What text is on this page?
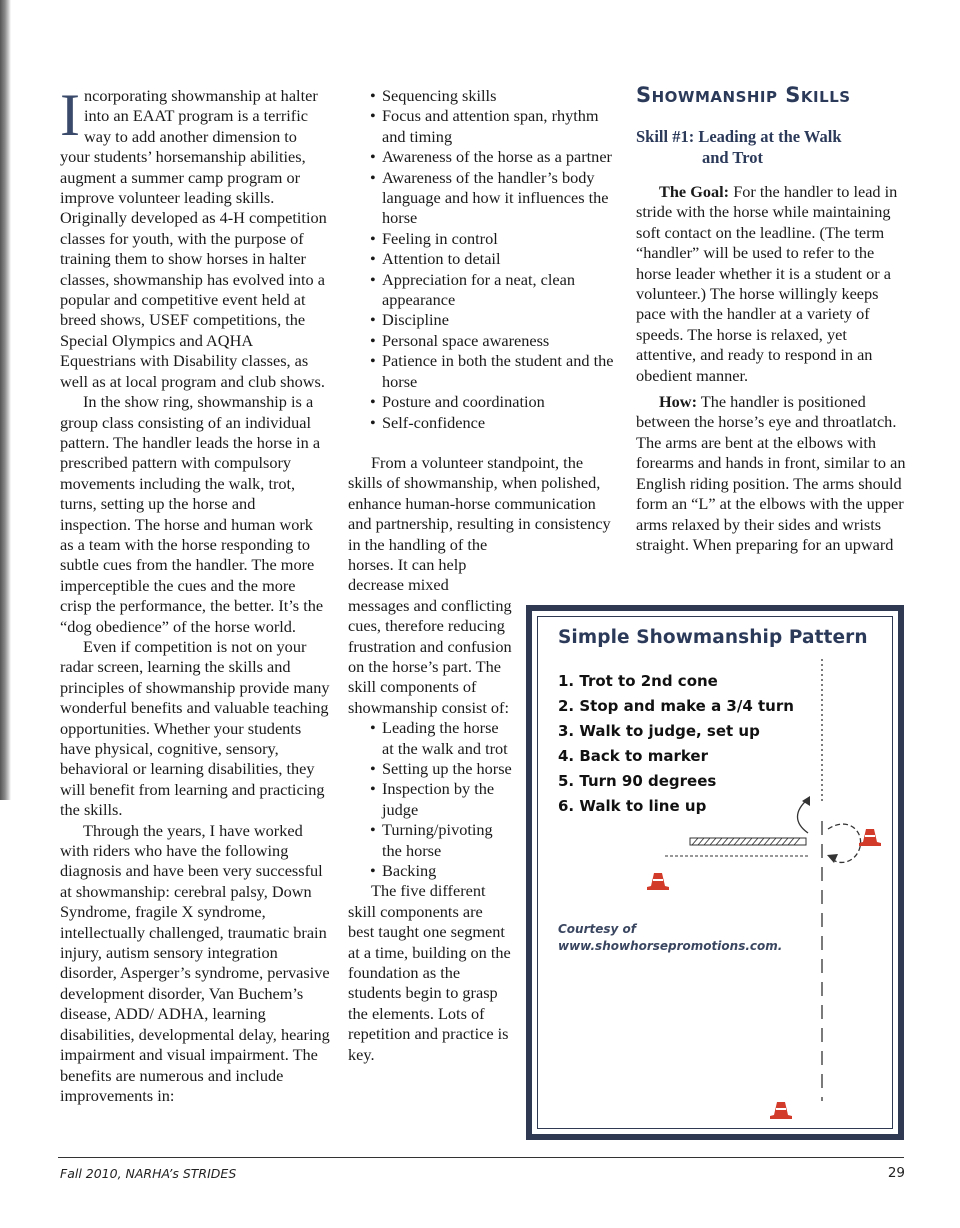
Incorporating showmanship at halter into an EAAT program is a terrific way to add another dimension to your students’ horsemanship abilities, augment a summer camp program or improve volunteer leading skills. Originally developed as 4-H competition classes for youth, with the purpose of training them to show horses in halter classes, showmanship has evolved into a popular and competitive event held at breed shows, USEF competitions, the Special Olympics and AQHA Equestrians with Disability classes, as well as at local program and club shows.

In the show ring, showmanship is a group class consisting of an individual pattern. The handler leads the horse in a prescribed pattern with compulsory movements including the walk, trot, turns, setting up the horse and inspection. The horse and human work as a team with the horse responding to subtle cues from the handler. The more imperceptible the cues and the more crisp the performance, the better. It’s the “dog obedience” of the horse world.

Even if competition is not on your radar screen, learning the skills and principles of showmanship provide many wonderful benefits and valuable teaching opportunities. Whether your students have physical, cognitive, sensory, behavioral or learning disabilities, they will benefit from learning and practicing the skills.

Through the years, I have worked with riders who have the following diagnosis and have been very successful at showmanship: cerebral palsy, Down Syndrome, fragile X syndrome, intellectually challenged, traumatic brain injury, autism sensory integration disorder, Asperger’s syndrome, pervasive development disorder, Van Buchem’s disease, ADD/ ADHA, learning disabilities, developmental delay, hearing impairment and visual impairment. The benefits are numerous and include improvements in:

• Sequencing skills
• Focus and attention span, rhythm and timing
• Awareness of the horse as a partner
• Awareness of the handler’s body language and how it influences the horse
• Feeling in control
• Attention to detail
• Appreciation for a neat, clean appearance
• Discipline
• Personal space awareness
• Patience in both the student and the horse
• Posture and coordination
• Self-confidence

From a volunteer standpoint, the skills of showmanship, when polished, enhance human-horse communication and partnership, resulting in consistency in the handling of the

horses. It can help decrease mixed messages and conflicting cues, therefore reducing frustration and confusion on the horse’s part. The skill components of showmanship consist of:

• Leading the horse at the walk and trot
• Setting up the horse
• Inspection by the judge
• Turning/pivoting the horse
• Backing

The five different skill components are best taught one segment at a time, building on the foundation as the students begin to grasp the elements. Lots of repetition and practice is key.

Showmanship Skills
Skill #1: Leading at the Walk
and Trot

The Goal: For the handler to lead in stride with the horse while maintaining soft contact on the leadline. (The term “handler” will be used to refer to the horse leader whether it is a student or a volunteer.) The horse willingly keeps pace with the handler at a variety of speeds. The horse is relaxed, yet attentive, and ready to respond in an obedient manner.

How: The handler is positioned between the horse’s eye and throatlatch. The arms are bent at the elbows with forearms and hands in front, similar to an English riding position. The arms should form an “L” at the elbows with the upper arms relaxed by their sides and wrists straight. When preparing for an upward

Simple Showmanship Pattern
1. Trot to 2nd cone
2. Stop and make a 3/4 turn
3. Walk to judge, set up
4. Back to marker
5. Turn 90 degrees
6. Walk to line up
Courtesy of
www.showhorsepromotions.com.
Fall 2010, NARHA’s STRIDES	29
